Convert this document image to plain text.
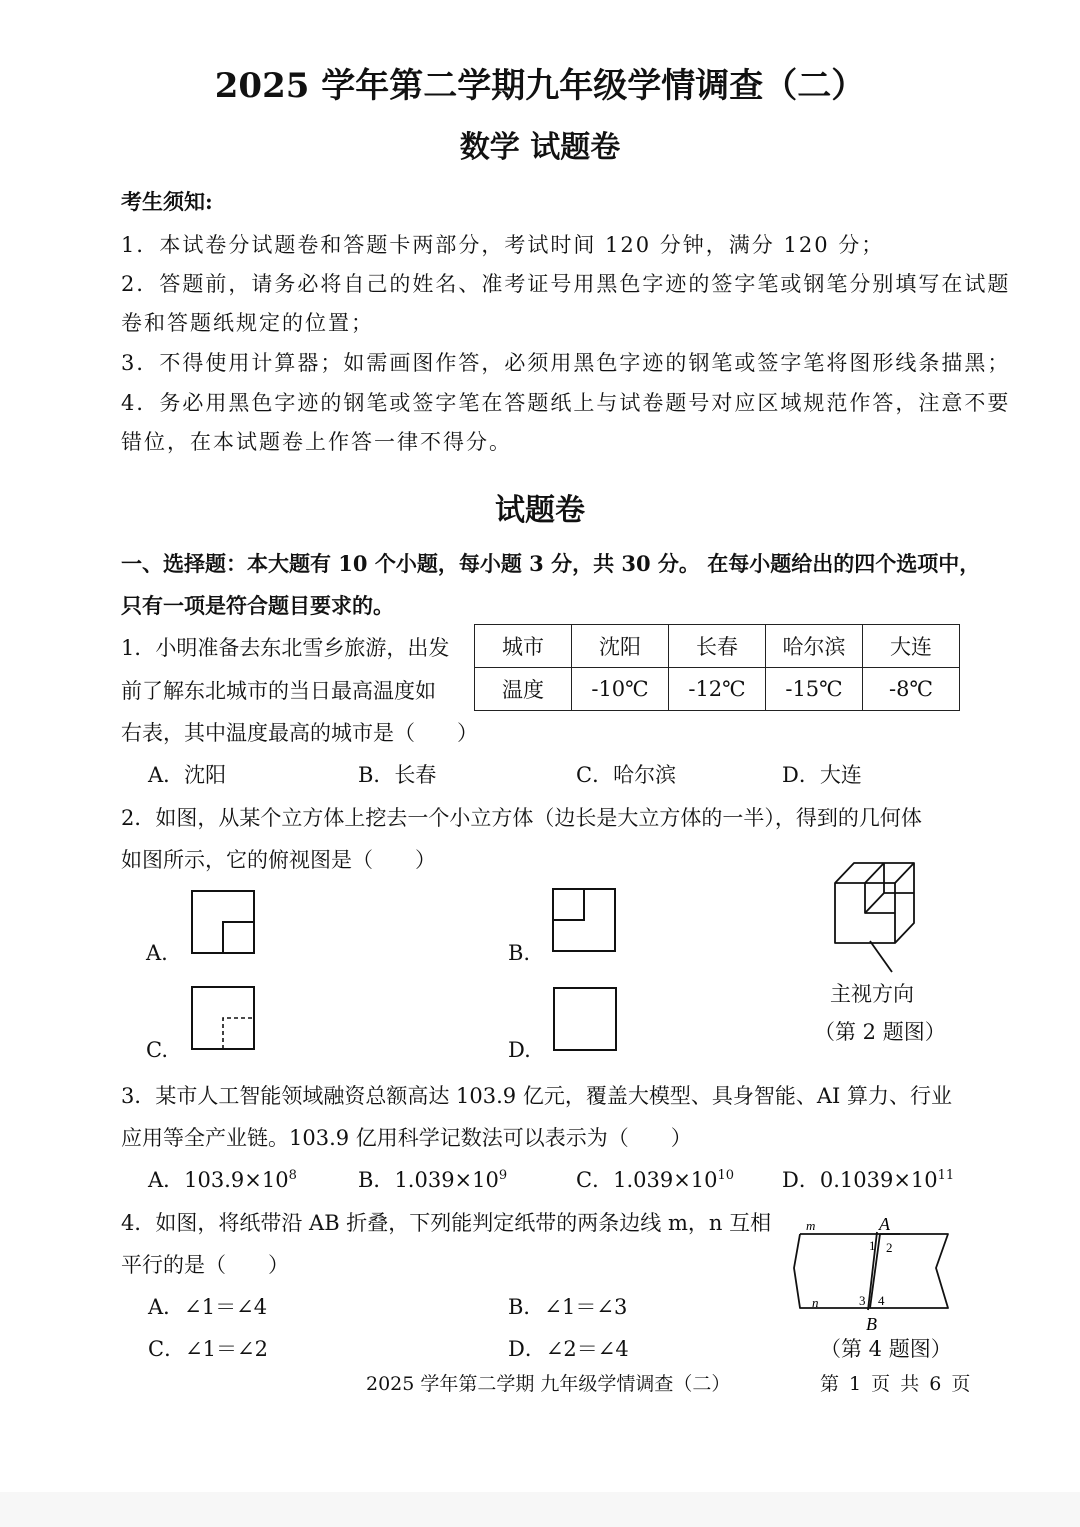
2025 学年第二学期九年级学情调查（二）
数学 试题卷
考生须知:
1．本试卷分试题卷和答题卡两部分，考试时间 120 分钟，满分 120 分；
2．答题前，请务必将自己的姓名、准考证号用黑色字迹的签字笔或钢笔分别填写在试题
卷和答题纸规定的位置；
3．不得使用计算器；如需画图作答，必须用黑色字迹的钢笔或签字笔将图形线条描黑；
4．务必用黑色字迹的钢笔或签字笔在答题纸上与试卷题号对应区域规范作答，注意不要
错位，在本试题卷上作答一律不得分。
试题卷
一、选择题：本大题有 10 个小题，每小题 3 分，共 30 分。 在每小题给出的四个选项中，
只有一项是符合题目要求的。
1．小明准备去东北雪乡旅游，出发
前了解东北城市的当日最高温度如
右表，其中温度最高的城市是（　　）
城市	沈阳	长春	哈尔滨	大连
温度	-10℃	-12℃	-15℃	-8℃
A．沈阳	B．长春	C．哈尔滨	D．大连
2．如图，从某个立方体上挖去一个小立方体（边长是大立方体的一半），得到的几何体
如图所示，它的俯视图是（　　）
A.	B.
C.	D.
主视方向
（第 2 题图）
3．某市人工智能领域融资总额高达 103.9 亿元，覆盖大模型、具身智能、AI 算力、行业
应用等全产业链。103.9 亿用科学记数法可以表示为（　　）
A．$103.9\times 10^8$	B．$1.039\times 10^9$	C．$1.039\times 10^{10}$ D．$0.1039\times 10^{11}$
4．如图，将纸带沿 AB 折叠，下列能判定纸带的两条边线 m，n 互相
平行的是（　　）
A．∠1＝∠4	B．∠1＝∠3
C．∠1＝∠2	D．∠2＝∠4
m
n
A
B
1 2
3 4
（第 4 题图）
2025 学年第二学期 九年级学情调查（二）	第 1 页 共 6 页
